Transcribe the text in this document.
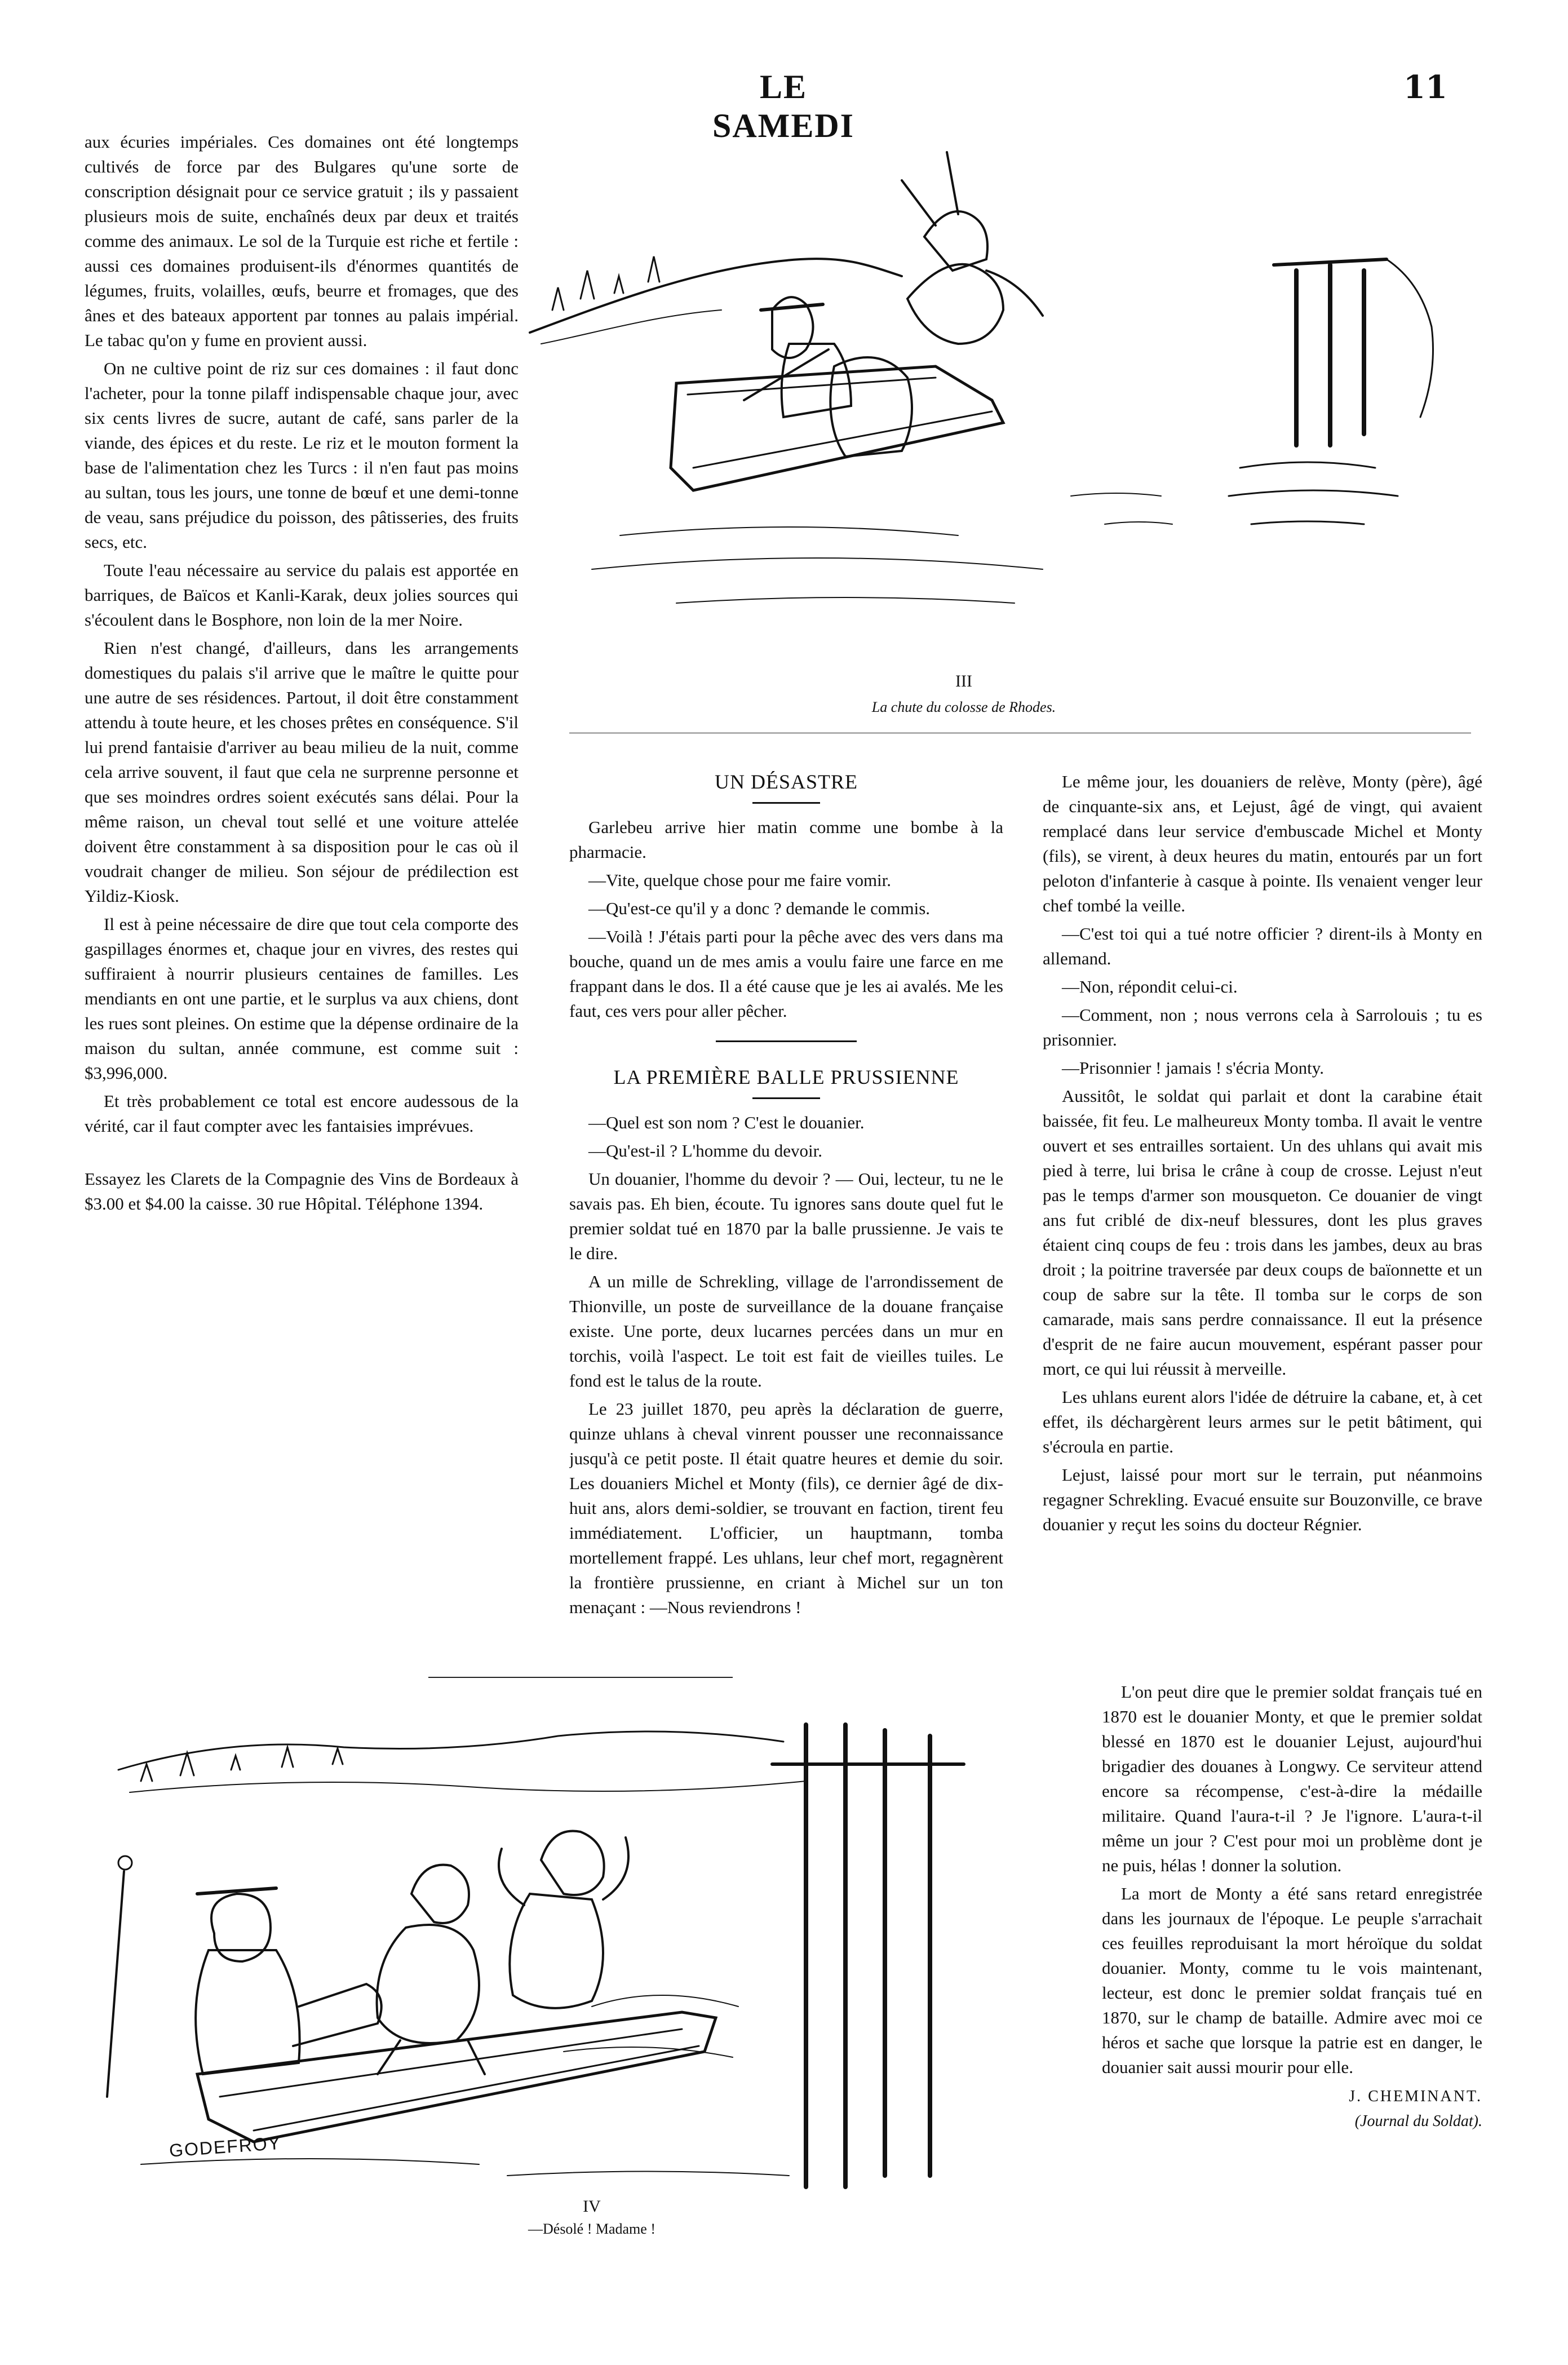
LE SAMEDI
11

aux écuries impériales. Ces domaines ont été longtemps cultivés de force par des Bulgares qu'une sorte de conscription désignait pour ce service gratuit ; ils y passaient plusieurs mois de suite, enchaînés deux par deux et traités comme des animaux. Le sol de la Turquie est riche et fertile : aussi ces domaines produisent-ils d'énormes quantités de légumes, fruits, volailles, œufs, beurre et fromages, que des ânes et des bateaux apportent par tonnes au palais impérial. Le tabac qu'on y fume en provient aussi.

On ne cultive point de riz sur ces domaines : il faut donc l'acheter, pour la tonne pilaff indispensable chaque jour, avec six cents livres de sucre, autant de café, sans parler de la viande, des épices et du reste. Le riz et le mouton forment la base de l'alimentation chez les Turcs : il n'en faut pas moins au sultan, tous les jours, une tonne de bœuf et une demi-tonne de veau, sans préjudice du poisson, des pâtisseries, des fruits secs, etc.

Toute l'eau nécessaire au service du palais est apportée en barriques, de Baïcos et Kanli-Karak, deux jolies sources qui s'écoulent dans le Bosphore, non loin de la mer Noire.

Rien n'est changé, d'ailleurs, dans les arrangements domestiques du palais s'il arrive que le maître le quitte pour une autre de ses résidences. Partout, il doit être constamment attendu à toute heure, et les choses prêtes en conséquence. S'il lui prend fantaisie d'arriver au beau milieu de la nuit, comme cela arrive souvent, il faut que cela ne surprenne personne et que ses moindres ordres soient exécutés sans délai. Pour la même raison, un cheval tout sellé et une voiture attelée doivent être constamment à sa disposition pour le cas où il voudrait changer de milieu. Son séjour de prédilection est Yildiz-Kiosk.

Il est à peine nécessaire de dire que tout cela comporte des gaspillages énormes et, chaque jour en vivres, des restes qui suffiraient à nourrir plusieurs centaines de familles. Les mendiants en ont une partie, et le surplus va aux chiens, dont les rues sont pleines. On estime que la dépense ordinaire de la maison du sultan, année commune, est comme suit : $3,996,000.

Et très probablement ce total est encore audessous de la vérité, car il faut compter avec les fantaisies imprévues.

Essayez les Clarets de la Compagnie des Vins de Bordeaux à $3.00 et $4.00 la caisse. 30 rue Hôpital. Téléphone 1394.

III
La chute du colosse de Rhodes.
UN DÉSASTRE

Garlebeu arrive hier matin comme une bombe à la pharmacie.

—Vite, quelque chose pour me faire vomir.

—Qu'est-ce qu'il y a donc ? demande le commis.

—Voilà ! J'étais parti pour la pêche avec des vers dans ma bouche, quand un de mes amis a voulu faire une farce en me frappant dans le dos. Il a été cause que je les ai avalés. Me les faut, ces vers pour aller pêcher.

LA PREMIÈRE BALLE PRUSSIENNE

—Quel est son nom ? C'est le douanier.

—Qu'est-il ? L'homme du devoir.

Un douanier, l'homme du devoir ? — Oui, lecteur, tu ne le savais pas. Eh bien, écoute. Tu ignores sans doute quel fut le premier soldat tué en 1870 par la balle prussienne. Je vais te le dire.

A un mille de Schrekling, village de l'arrondissement de Thionville, un poste de surveillance de la douane française existe. Une porte, deux lucarnes percées dans un mur en torchis, voilà l'aspect. Le toit est fait de vieilles tuiles. Le fond est le talus de la route.

Le 23 juillet 1870, peu après la déclaration de guerre, quinze uhlans à cheval vinrent pousser une reconnaissance jusqu'à ce petit poste. Il était quatre heures et demie du soir. Les douaniers Michel et Monty (fils), ce dernier âgé de dix-huit ans, alors demi-soldier, se trouvant en faction, tirent feu immédiatement. L'officier, un hauptmann, tomba mortellement frappé. Les uhlans, leur chef mort, regagnèrent la frontière prussienne, en criant à Michel sur un ton menaçant : —Nous reviendrons !

Le même jour, les douaniers de relève, Monty (père), âgé de cinquante-six ans, et Lejust, âgé de vingt, qui avaient remplacé dans leur service d'embuscade Michel et Monty (fils), se virent, à deux heures du matin, entourés par un fort peloton d'infanterie à casque à pointe. Ils venaient venger leur chef tombé la veille.

—C'est toi qui a tué notre officier ? dirent-ils à Monty en allemand.

—Non, répondit celui-ci.

—Comment, non ; nous verrons cela à Sarrolouis ; tu es prisonnier.

—Prisonnier ! jamais ! s'écria Monty.

Aussitôt, le soldat qui parlait et dont la carabine était baissée, fit feu. Le malheureux Monty tomba. Il avait le ventre ouvert et ses entrailles sortaient. Un des uhlans qui avait mis pied à terre, lui brisa le crâne à coup de crosse. Lejust n'eut pas le temps d'armer son mousqueton. Ce douanier de vingt ans fut criblé de dix-neuf blessures, dont les plus graves étaient cinq coups de feu : trois dans les jambes, deux au bras droit ; la poitrine traversée par deux coups de baïonnette et un coup de sabre sur la tête. Il tomba sur le corps de son camarade, mais sans perdre connaissance. Il eut la présence d'esprit de ne faire aucun mouvement, espérant passer pour mort, ce qui lui réussit à merveille.

Les uhlans eurent alors l'idée de détruire la cabane, et, à cet effet, ils déchargèrent leurs armes sur le petit bâtiment, qui s'écroula en partie.

Lejust, laissé pour mort sur le terrain, put néanmoins regagner Schrekling. Evacué ensuite sur Bouzonville, ce brave douanier y reçut les soins du docteur Régnier.

L'on peut dire que le premier soldat français tué en 1870 est le douanier Monty, et que le premier soldat blessé en 1870 est le douanier Lejust, aujourd'hui brigadier des douanes à Longwy. Ce serviteur attend encore sa récompense, c'est-à-dire la médaille militaire. Quand l'aura-t-il ? Je l'ignore. L'aura-t-il même un jour ? C'est pour moi un problème dont je ne puis, hélas ! donner la solution.

La mort de Monty a été sans retard enregistrée dans les journaux de l'époque. Le peuple s'arrachait ces feuilles reproduisant la mort héroïque du soldat douanier. Monty, comme tu le vois maintenant, lecteur, est donc le premier soldat français tué en 1870, sur le champ de bataille. Admire avec moi ce héros et sache que lorsque la patrie est en danger, le douanier sait aussi mourir pour elle.

J. CHEMINANT.
(Journal du Soldat).
GODEFROY
IV
—Désolé ! Madame !
